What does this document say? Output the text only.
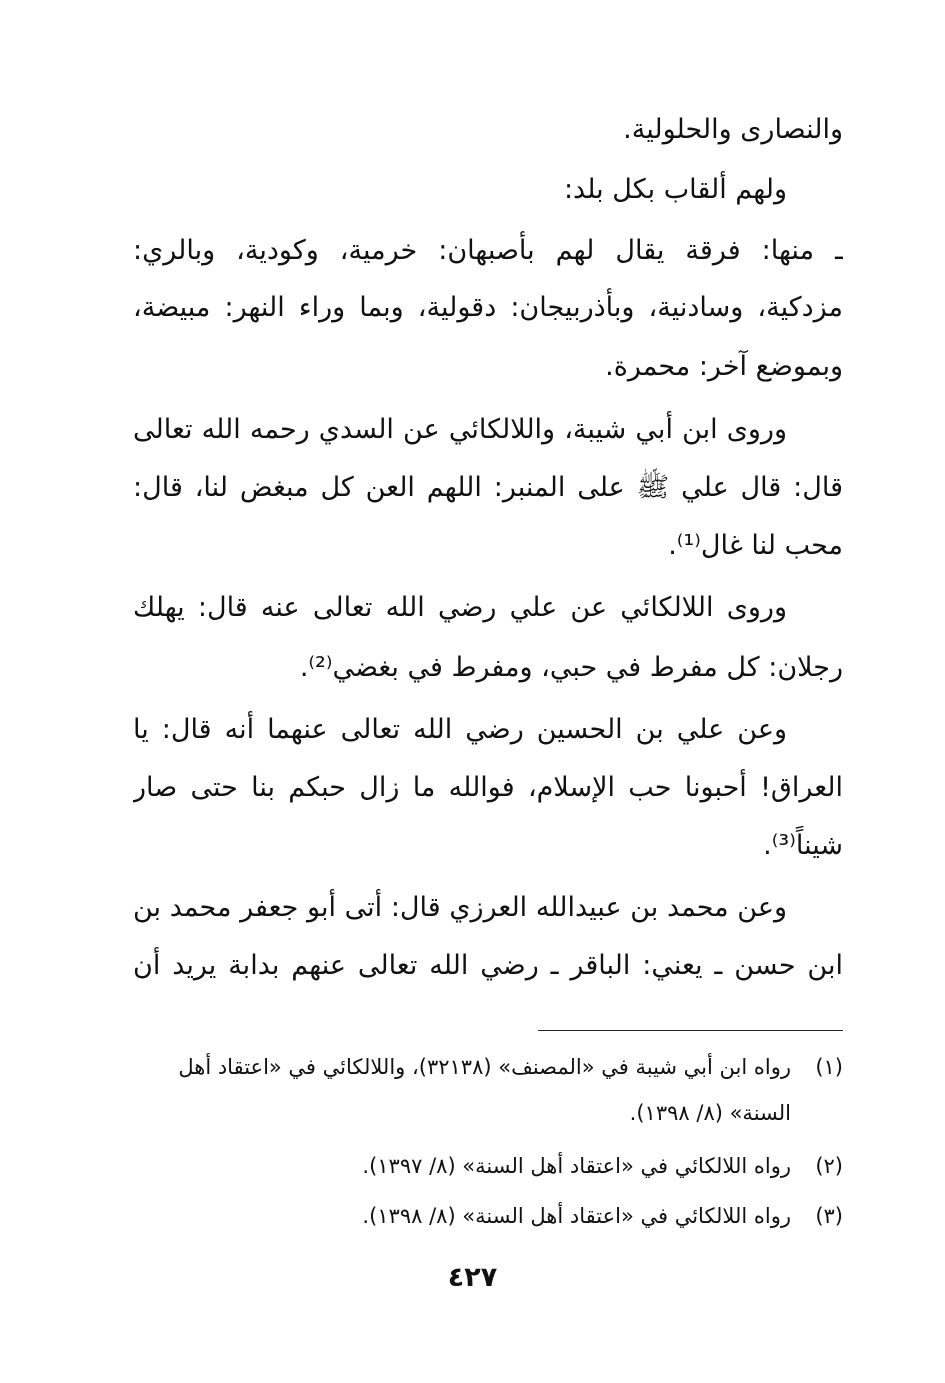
والنصارى والحلولية.
ولهم ألقاب بكل بلد:
ـ منها: فرقة يقال لهم بأصبهان: خرمية، وكودية، وبالري:
مزدكية، وسادنية، وبأذربيجان: دقولية، وبما وراء النهر: مبيضة،
وبموضع آخر: محمرة.
وروى ابن أبي شيبة، واللالكائي عن السدي رحمه الله تعالى
قال: قال علي ﷺ على المنبر: اللهم العن كل مبغض لنا، قال:
محب لنا غال⁽¹⁾.
وروى اللالكائي عن علي رضي الله تعالى عنه قال: يهلك
رجلان: كل مفرط في حبي، ومفرط في بغضي⁽²⁾.
وعن علي بن الحسين رضي الله تعالى عنهما أنه قال: يا
العراق! أحبونا حب الإسلام، فوالله ما زال حبكم بنا حتى صار
شيناً⁽³⁾.
وعن محمد بن عبيدالله العرزي قال: أتى أبو جعفر محمد بن
ابن حسن ـ يعني: الباقر ـ رضي الله تعالى عنهم بدابة يريد أن
(١)رواه ابن أبي شيبة في «المصنف» (٣٢١٣٨)، واللالكائي في «اعتقاد أهل
السنة» (٨/ ١٣٩٨).
(٢)رواه اللالكائي في «اعتقاد أهل السنة» (٨/ ١٣٩٧).
(٣)رواه اللالكائي في «اعتقاد أهل السنة» (٨/ ١٣٩٨).
٤٢٧
